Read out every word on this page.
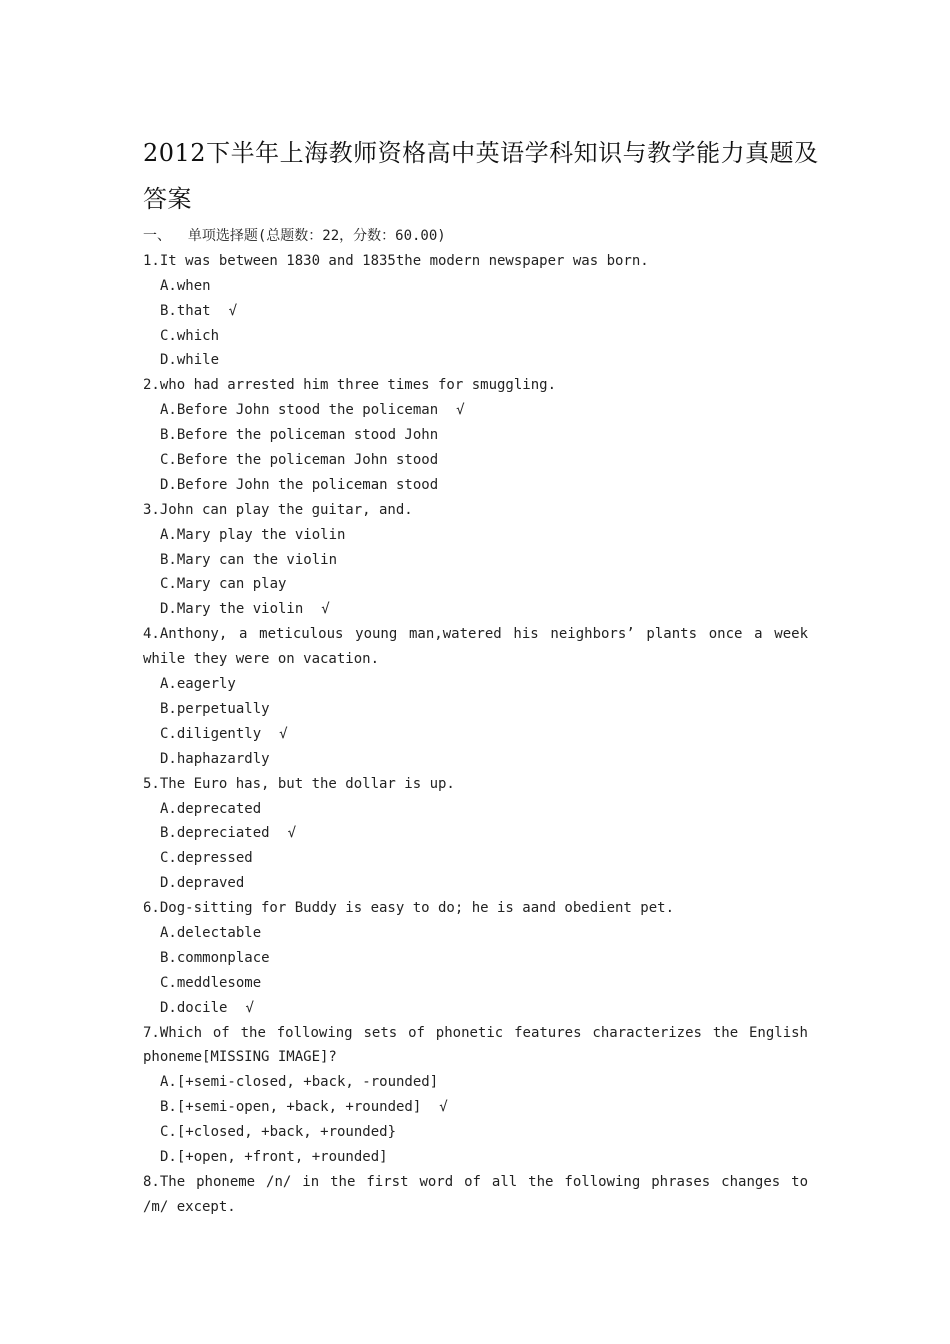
2012下半年上海教师资格高中英语学科知识与教学能力真题及答案
一、  单项选择题(总题数：22，分数：60.00)
1.It was between 1830 and 1835the modern newspaper was born.
A.when
B.that √
C.which
D.while
2.who had arrested him three times for smuggling.
A.Before John stood the policeman √
B.Before the policeman stood John
C.Before the policeman John stood
D.Before John the policeman stood
3.John can play the guitar, and.
A.Mary play the violin
B.Mary can the violin
C.Mary can play
D.Mary the violin √
4.Anthony, a meticulous young man,watered his neighbors’ plants once a week while they were on vacation.
A.eagerly
B.perpetually
C.diligently √
D.haphazardly
5.The Euro has, but the dollar is up.
A.deprecated
B.depreciated √
C.depressed
D.depraved
6.Dog-sitting for Buddy is easy to do; he is aand obedient pet.
A.delectable
B.commonplace
C.meddlesome
D.docile √
7.Which of the following sets of phonetic features characterizes the English phoneme[MISSING IMAGE]?
A.[+semi-closed, +back, -rounded]
B.[+semi-open, +back, +rounded] √
C.[+closed, +back, +rounded}
D.[+open, +front, +rounded]
8.The phoneme /n/ in the first word of all the following phrases changes to /m/ except.
